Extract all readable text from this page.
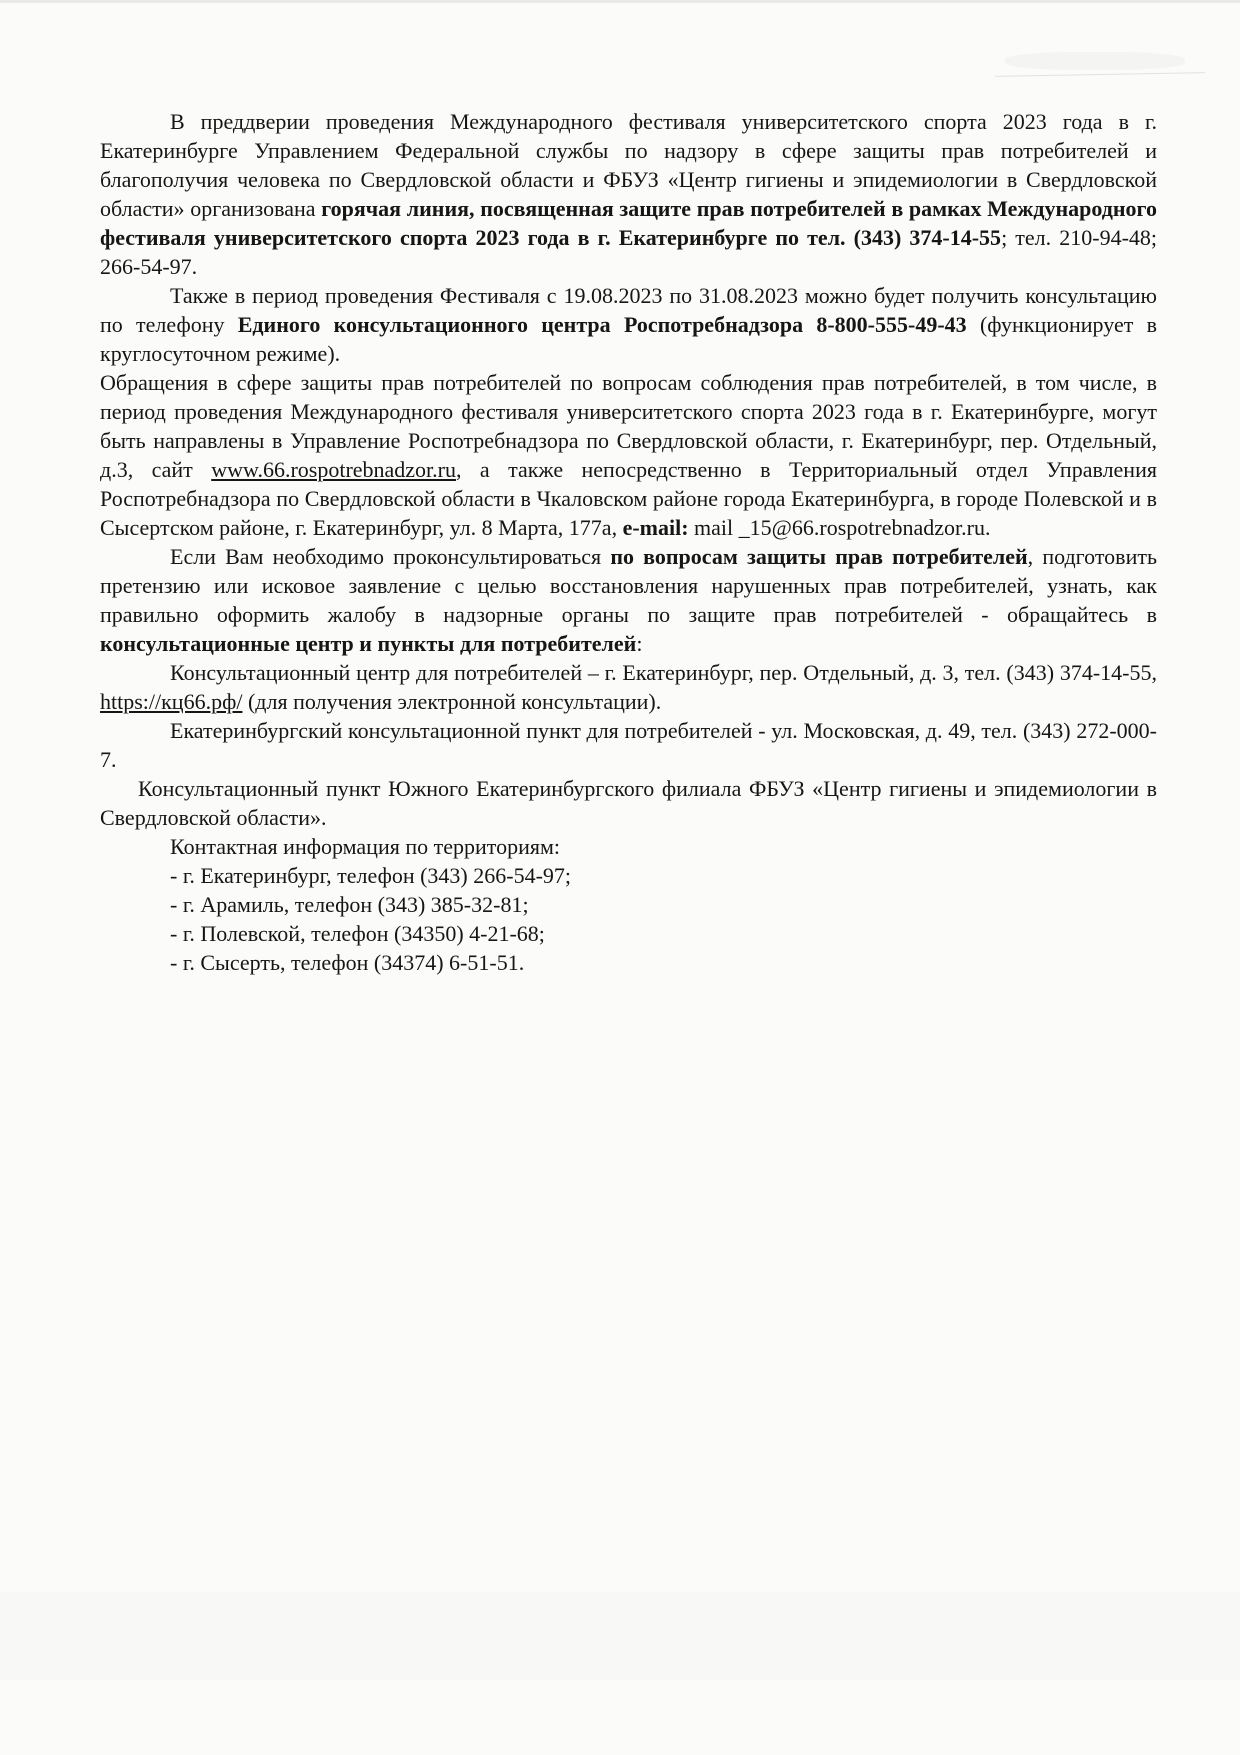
В преддверии проведения Международного фестиваля университетского спорта 2023 года в г. Екатеринбурге Управлением Федеральной службы по надзору в сфере защиты прав потребителей и благополучия человека по Свердловской области и ФБУЗ «Центр гигиены и эпидемиологии в Свердловской области» организована горячая линия, посвященная защите прав потребителей в рамках Международного фестиваля университетского спорта 2023 года в г. Екатеринбурге по тел. (343) 374-14-55; тел. 210-94-48; 266-54-97.

Также в период проведения Фестиваля с 19.08.2023 по 31.08.2023 можно будет получить консультацию по телефону Единого консультационного центра Роспотребнадзора 8-800-555-49-43 (функционирует в круглосуточном режиме).

Обращения в сфере защиты прав потребителей по вопросам соблюдения прав потребителей, в том числе, в период проведения Международного фестиваля университетского спорта 2023 года в г. Екатеринбурге, могут быть направлены в Управление Роспотребнадзора по Свердловской области, г. Екатеринбург, пер. Отдельный, д.3, сайт www.66.rospotrebnadzor.ru, а также непосредственно в Территориальный отдел Управления Роспотребнадзора по Свердловской области в Чкаловском районе города Екатеринбурга, в городе Полевской и в Сысертском районе, г. Екатеринбург, ул. 8 Марта, 177а, e-mail: mail _15@66.rospotrebnadzor.ru.

Если Вам необходимо проконсультироваться по вопросам защиты прав потребителей, подготовить претензию или исковое заявление с целью восстановления нарушенных прав потребителей, узнать, как правильно оформить жалобу в надзорные органы по защите прав потребителей - обращайтесь в консультационные центр и пункты для потребителей:

Консультационный центр для потребителей – г. Екатеринбург, пер. Отдельный, д. 3, тел. (343) 374-14-55, https://кц66.рф/ (для получения электронной консультации).

Екатеринбургский консультационной пункт для потребителей - ул. Московская, д. 49, тел. (343) 272-000-7.

Консультационный пункт Южного Екатеринбургского филиала ФБУЗ «Центр гигиены и эпидемиологии в Свердловской области».

Контактная информация по территориям:

- г. Екатеринбург, телефон (343) 266-54-97;
- г. Арамиль, телефон (343) 385-32-81;
- г. Полевской, телефон (34350) 4-21-68;
- г. Сысерть, телефон (34374) 6-51-51.
